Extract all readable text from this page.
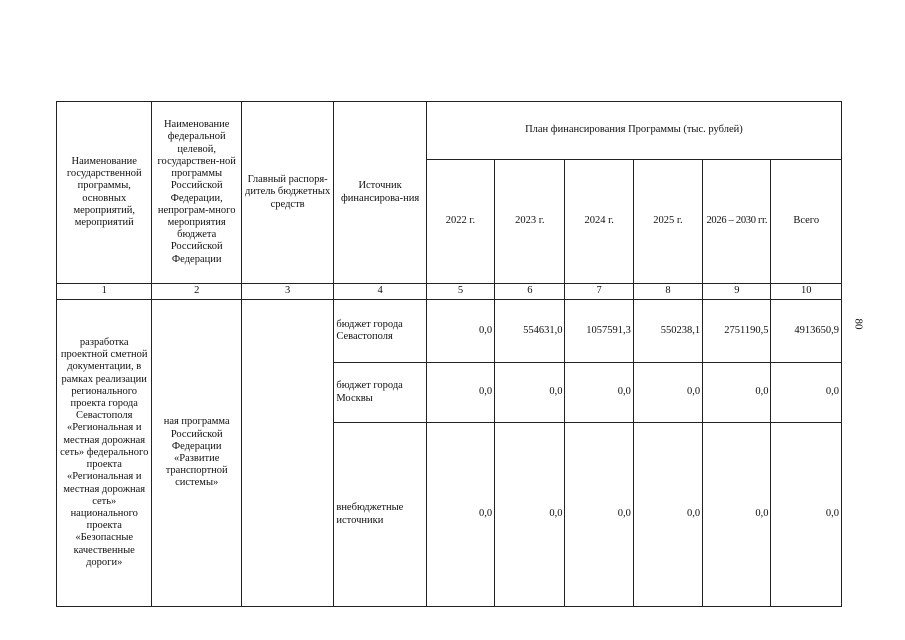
80
Наименование государственной программы, основных мероприятий, мероприятий	Наименование федеральной целевой, государствен-ной программы Российской Федерации, непрограм-много мероприятия бюджета Российской Федерации	Главный распоря-дитель бюджетных средств	Источник финансирова-ния	План финансирования Программы (тыс. рублей)					
				2022 г.	2023 г.	2024 г.	2025 г.	2026 – 2030 гг.	Всего
1	2	3	4	5	6	7	8	9	10
разработка проектной сметной документации, в рамках реализации регионального проекта города Севастополя «Региональная и местная дорожная сеть» федерального проекта «Региональная и местная дорожная сеть» национального проекта «Безопасные качественные дороги»	ная программа Российской Федерации «Развитие транспортной системы»		бюджет города Севастополя	0,0	554631,0	1057591,3	550238,1	2751190,5	4913650,9
			бюджет города Москвы	0,0	0,0	0,0	0,0	0,0	0,0
			внебюджетные источники	0,0	0,0	0,0	0,0	0,0	0,0
